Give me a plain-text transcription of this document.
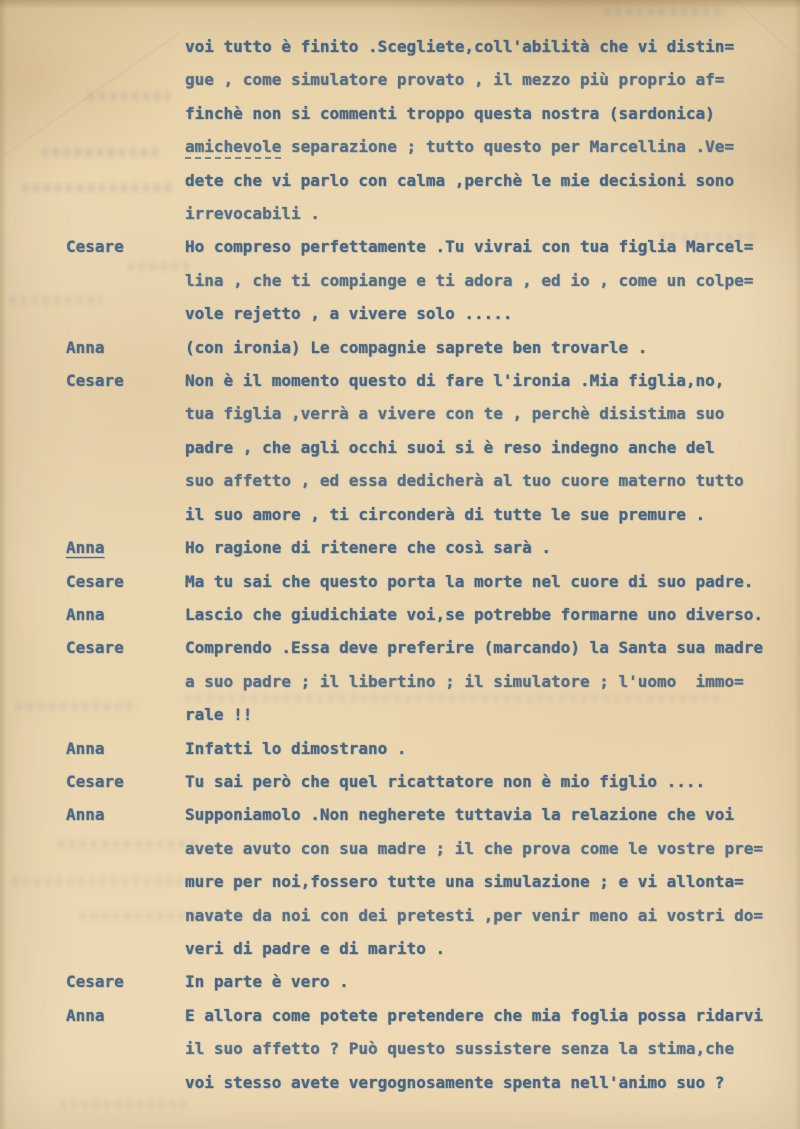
voi tutto è finito .Scegliete,coll'abilità che vi distin=
gue , come simulatore provato , il mezzo più proprio af=
finchè non si commenti troppo questa nostra (sardonica)
amichevole separazione ; tutto questo per Marcellina .Ve=
dete che vi parlo con calma ,perchè le mie decisioni sono
irrevocabili .
Cesare	Ho compreso perfettamente .Tu vivrai con tua figlia Marcel=
lina , che ti compiange e ti adora , ed io , come un colpe=
vole rejetto , a vivere solo .....
Anna	(con ironia) Le compagnie saprete ben trovarle .
Cesare	Non è il momento questo di fare l'ironia .Mia figlia,no,
tua figlia ,verrà a vivere con te , perchè disistima suo
padre , che agli occhi suoi si è reso indegno anche del
suo affetto , ed essa dedicherà al tuo cuore materno tutto
il suo amore , ti circonderà di tutte le sue premure .
Anna	Ho ragione di ritenere che così sarà .
Cesare	Ma tu sai che questo porta la morte nel cuore di suo padre.
Anna	Lascio che giudichiate voi,se potrebbe formarne uno diverso.
Cesare	Comprendo .Essa deve preferire (marcando) la Santa sua madre
a suo padre ; il libertino ; il simulatore ; l'uomo  immo=
rale !!
Anna	Infatti lo dimostrano .
Cesare	Tu sai però che quel ricattatore non è mio figlio ....
Anna	Supponiamolo .Non negherete tuttavia la relazione che voi
avete avuto con sua madre ; il che prova come le vostre pre=
mure per noi,fossero tutte una simulazione ; e vi allonta=
navate da noi con dei pretesti ,per venir meno ai vostri do=
veri di padre e di marito .
Cesare	In parte è vero .
Anna	E allora come potete pretendere che mia foglia possa ridarvi
il suo affetto ? Può questo sussistere senza la stima,che
voi stesso avete vergognosamente spenta nell'animo suo ?
